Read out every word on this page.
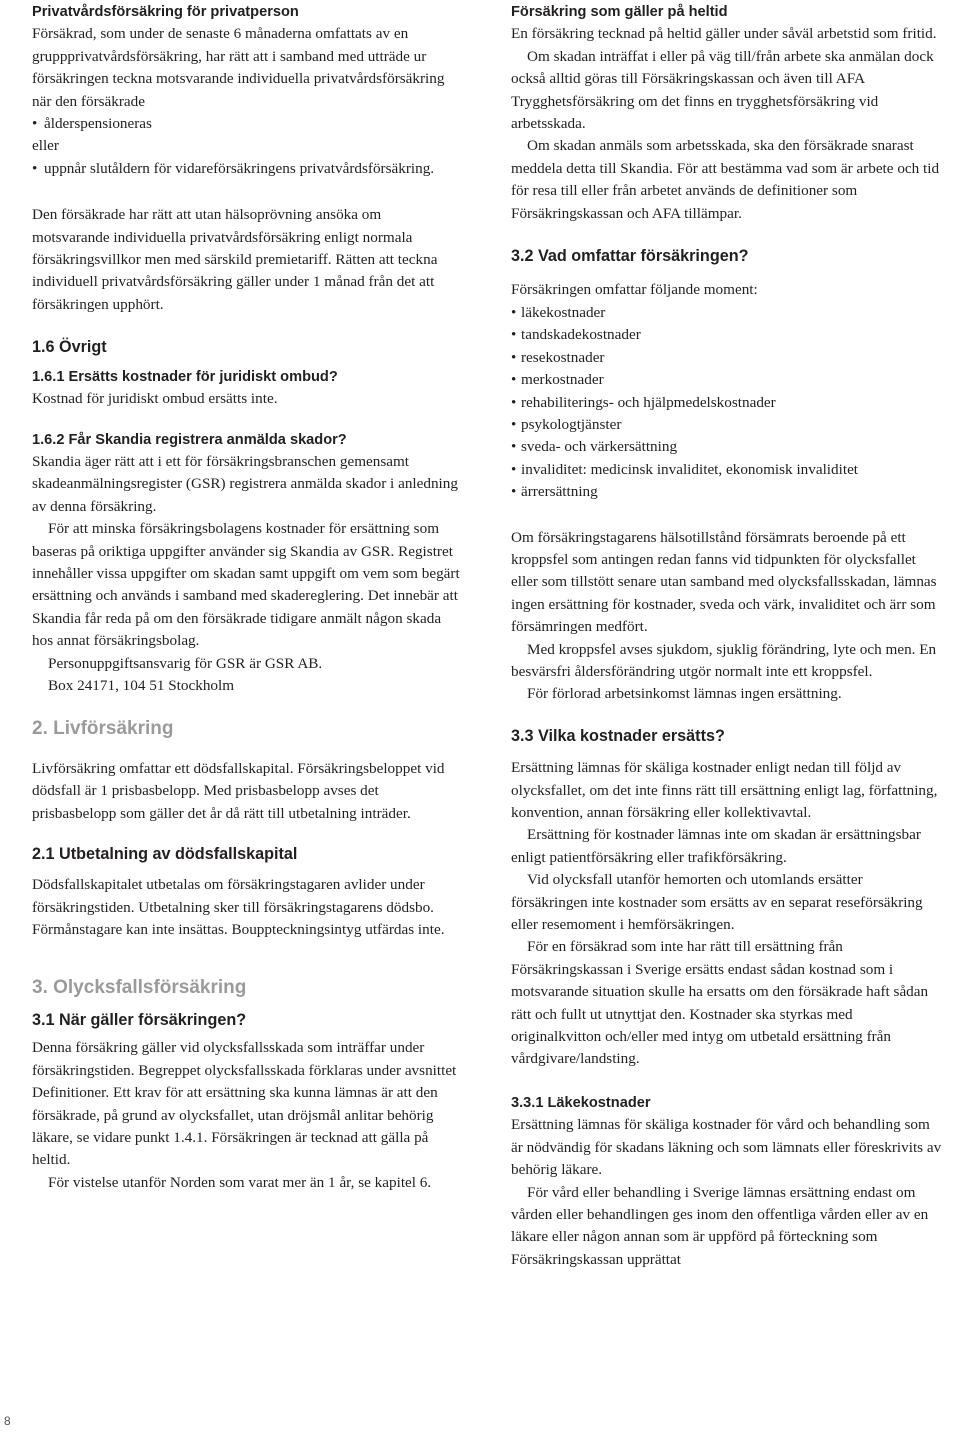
Privatvårdsförsäkring för privatperson

Försäkrad, som under de senaste 6 månaderna omfattats av en gruppprivatvårdsförsäkring, har rätt att i samband med utträde ur försäkringen teckna motsvarande individuella privatvårdsförsäkring när den försäkrade

• ålderspensioneras

eller

• uppnår slutåldern för vidareförsäkringens privatvårdsförsäkring.

Den försäkrade har rätt att utan hälsoprövning ansöka om motsvarande individuella privatvårdsförsäkring enligt normala försäkringsvillkor men med särskild premietariff. Rätten att teckna individuell privatvårdsförsäkring gäller under 1 månad från det att försäkringen upphört.

1.6 Övrigt

1.6.1 Ersätts kostnader för juridiskt ombud?

Kostnad för juridiskt ombud ersätts inte.

1.6.2 Får Skandia registrera anmälda skador?

Skandia äger rätt att i ett för försäkringsbranschen gemensamt skadeanmälningsregister (GSR) registrera anmälda skador i anledning av denna försäkring.

För att minska försäkringsbolagens kostnader för ersättning som baseras på oriktiga uppgifter använder sig Skandia av GSR. Registret innehåller vissa uppgifter om skadan samt uppgift om vem som begärt ersättning och används i samband med skadereglering. Det innebär att Skandia får reda på om den försäkrade tidigare anmält någon skada hos annat försäkringsbolag.

Personuppgiftsansvarig för GSR är GSR AB.

Box 24171, 104 51 Stockholm

2. Livförsäkring

Livförsäkring omfattar ett dödsfallskapital. Försäkringsbeloppet vid dödsfall är 1 prisbasbelopp. Med prisbasbelopp avses det prisbasbelopp som gäller det år då rätt till utbetalning inträder.

2.1 Utbetalning av dödsfallskapital

Dödsfallskapitalet utbetalas om försäkringstagaren avlider under försäkringstiden. Utbetalning sker till försäkringstagarens dödsbo. Förmånstagare kan inte insättas. Bouppteckningsintyg utfärdas inte.

3. Olycksfallsförsäkring

3.1 När gäller försäkringen?

Denna försäkring gäller vid olycksfallsskada som inträffar under försäkringstiden. Begreppet olycksfallsskada förklaras under avsnittet Definitioner. Ett krav för att ersättning ska kunna lämnas är att den försäkrade, på grund av olycksfallet, utan dröjsmål anlitar behörig läkare, se vidare punkt 1.4.1. Försäkringen är tecknad att gälla på heltid.

För vistelse utanför Norden som varat mer än 1 år, se kapitel 6.

Försäkring som gäller på heltid

En försäkring tecknad på heltid gäller under såväl arbetstid som fritid.

Om skadan inträffat i eller på väg till/från arbete ska anmälan dock också alltid göras till Försäkringskassan och även till AFA Trygghetsförsäkring om det finns en trygghetsförsäkring vid arbetsskada.

Om skadan anmäls som arbetsskada, ska den försäkrade snarast meddela detta till Skandia. För att bestämma vad som är arbete och tid för resa till eller från arbetet används de definitioner som Försäkringskassan och AFA tillämpar.

3.2 Vad omfattar försäkringen?

Försäkringen omfattar följande moment:

• läkekostnader
• tandskadekostnader
• resekostnader
• merkostnader
• rehabiliterings- och hjälpmedelskostnader
• psykologtjänster
• sveda- och värkersättning
• invaliditet: medicinsk invaliditet, ekonomisk invaliditet
• ärrersättning

Om försäkringstagarens hälsotillstånd försämrats beroende på ett kroppsfel som antingen redan fanns vid tidpunkten för olycksfallet eller som tillstött senare utan samband med olycksfallsskadan, lämnas ingen ersättning för kostnader, sveda och värk, invaliditet och ärr som försämringen medfört.

Med kroppsfel avses sjukdom, sjuklig förändring, lyte och men. En besvärsfri åldersförändring utgör normalt inte ett kroppsfel.

För förlorad arbetsinkomst lämnas ingen ersättning.

3.3 Vilka kostnader ersätts?

Ersättning lämnas för skäliga kostnader enligt nedan till följd av olycksfallet, om det inte finns rätt till ersättning enligt lag, författning, konvention, annan försäkring eller kollektivavtal.

Ersättning för kostnader lämnas inte om skadan är ersättningsbar enligt patientförsäkring eller trafikförsäkring.

Vid olycksfall utanför hemorten och utomlands ersätter försäkringen inte kostnader som ersätts av en separat reseförsäkring eller resemoment i hemförsäkringen.

För en försäkrad som inte har rätt till ersättning från Försäkringskassan i Sverige ersätts endast sådan kostnad som i motsvarande situation skulle ha ersatts om den försäkrade haft sådan rätt och fullt ut utnyttjat den. Kostnader ska styrkas med originalkvitton och/eller med intyg om utbetald ersättning från vårdgivare/landsting.

3.3.1 Läkekostnader

Ersättning lämnas för skäliga kostnader för vård och behandling som är nödvändig för skadans läkning och som lämnats eller föreskrivits av behörig läkare.

För vård eller behandling i Sverige lämnas ersättning endast om vården eller behandlingen ges inom den offentliga vården eller av en läkare eller någon annan som är uppförd på förteckning som Försäkringskassan upprättat

8
